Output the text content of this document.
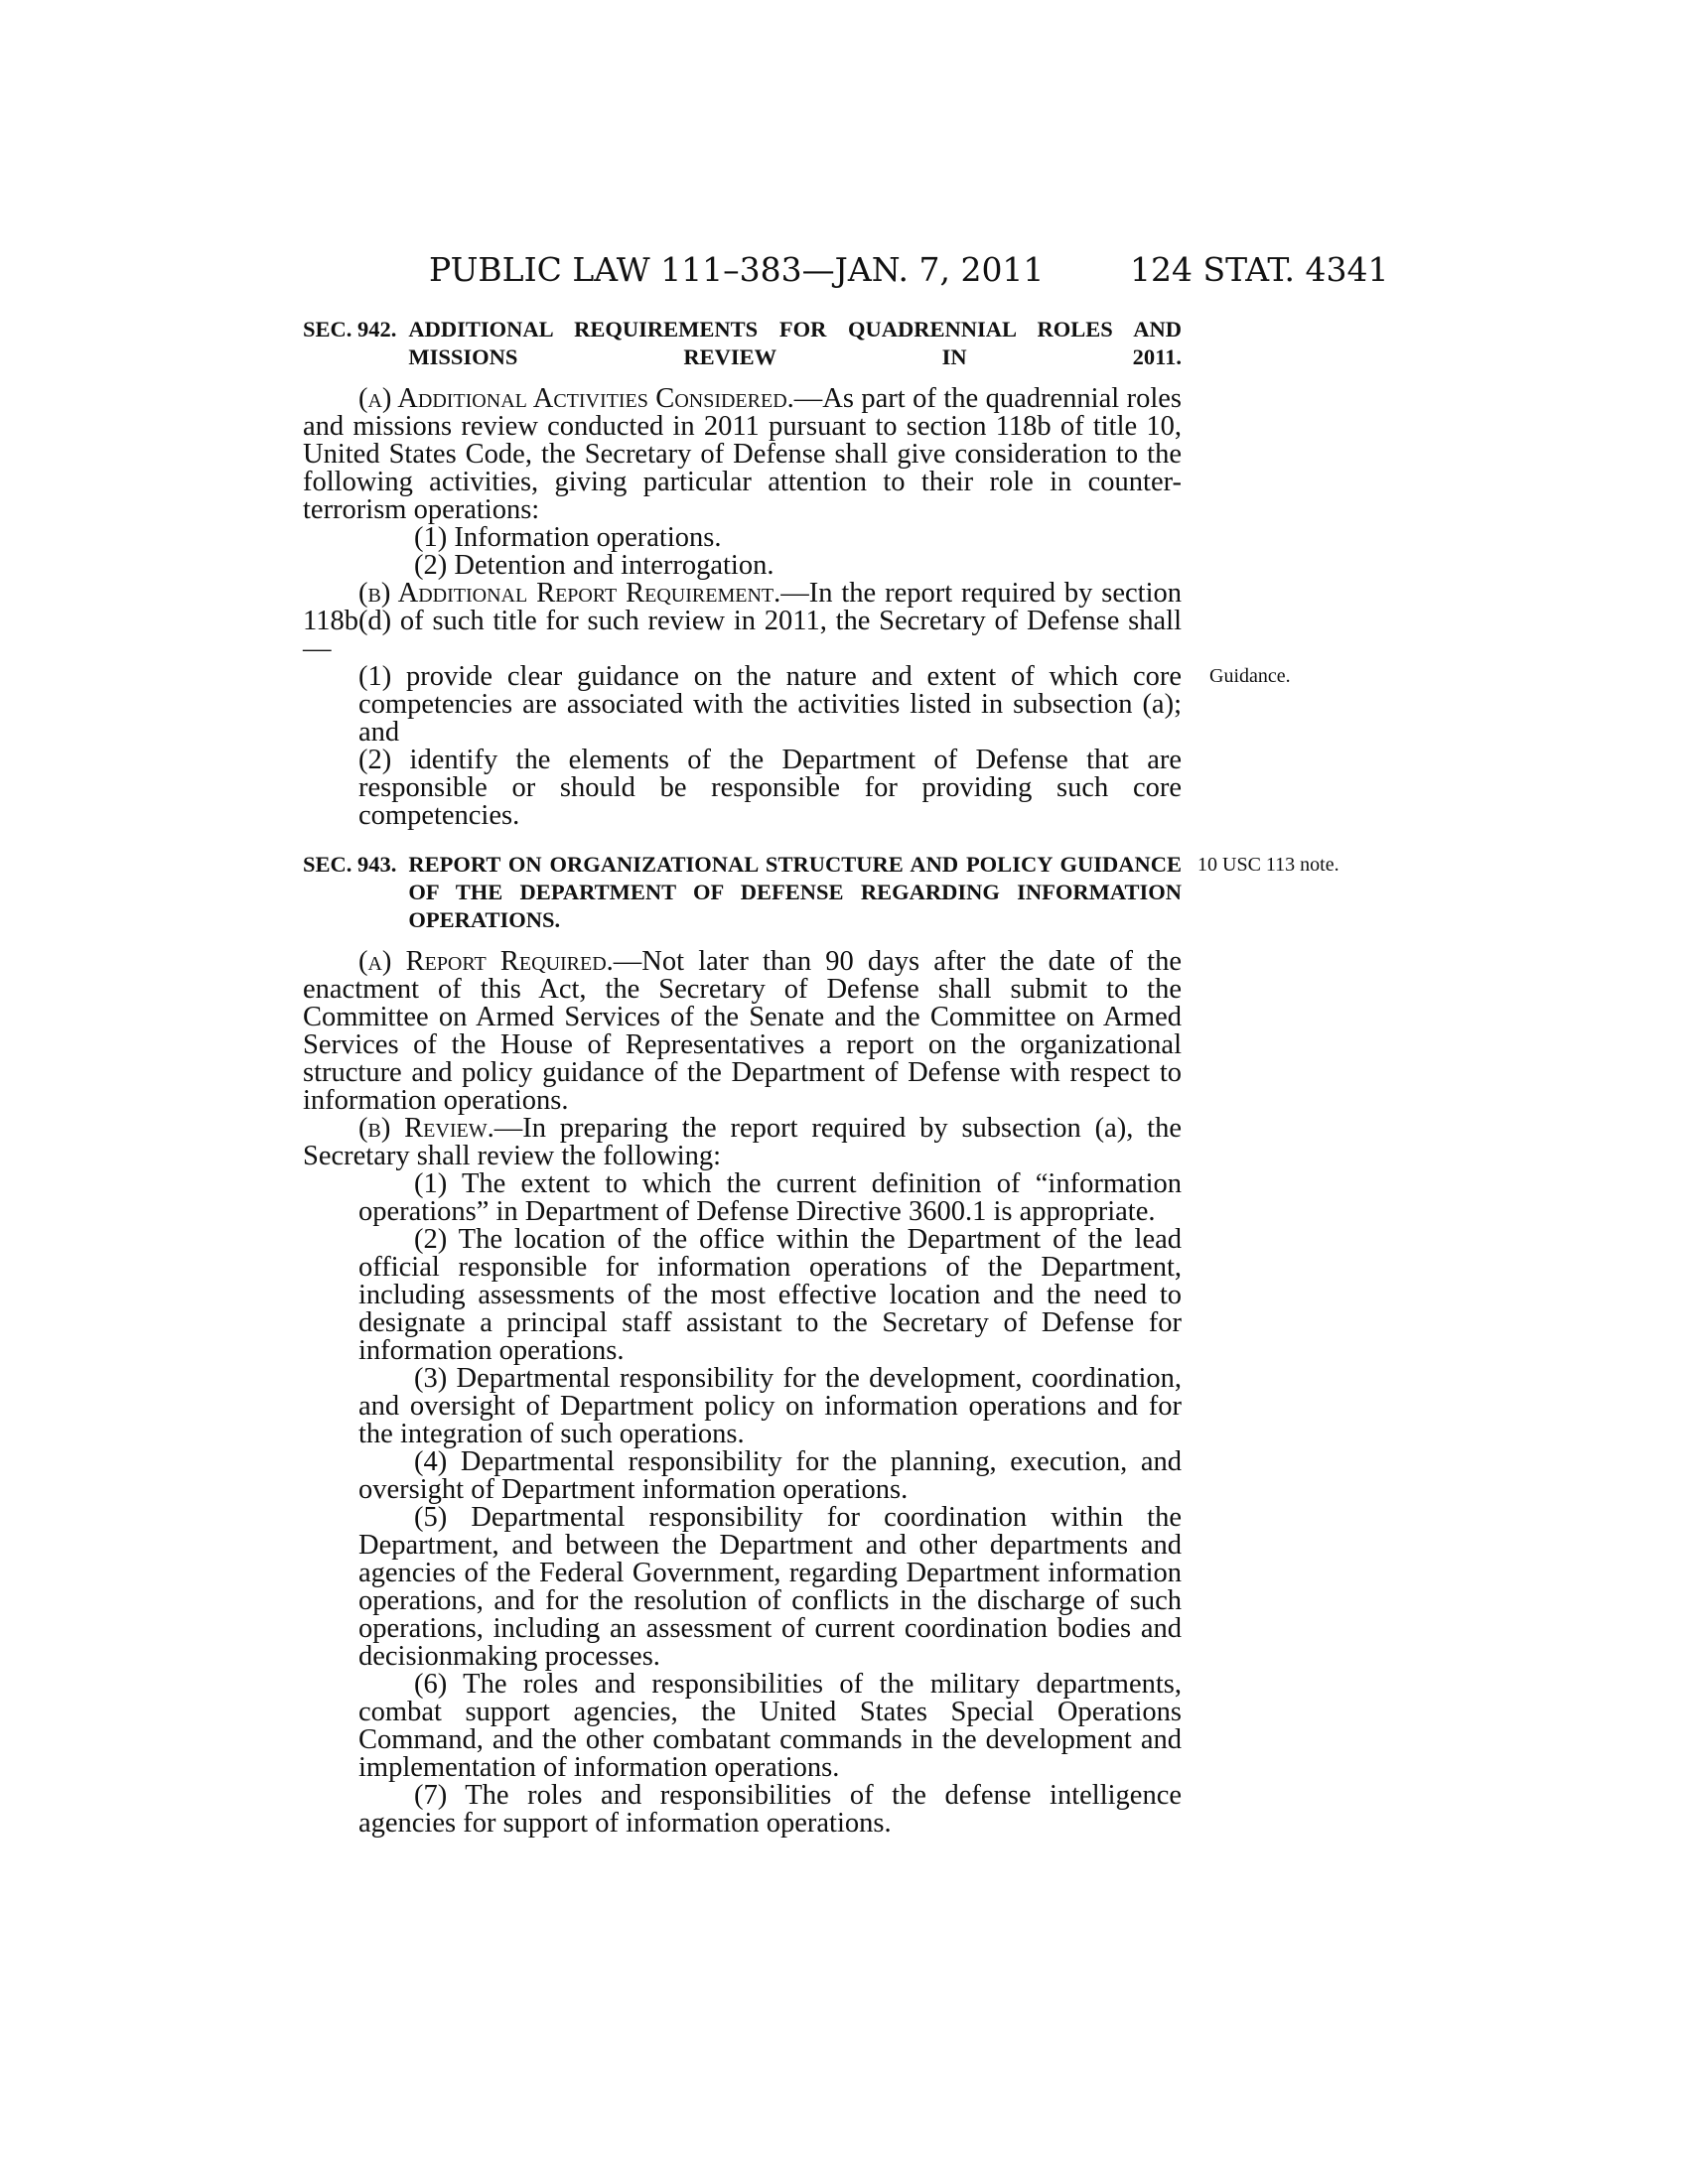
PUBLIC LAW 111–383—JAN. 7, 2011	124 STAT. 4341
SEC. 942. ADDITIONAL REQUIREMENTS FOR QUADRENNIAL ROLES AND MISSIONS REVIEW IN 2011.

(a) Additional Activities Considered.—As part of the quadrennial roles and missions review conducted in 2011 pursuant to section 118b of title 10, United States Code, the Secretary of Defense shall give consideration to the following activities, giving particular attention to their role in counter-terrorism operations:

(1) Information operations.

(2) Detention and interrogation.

(b) Additional Report Requirement.—In the report required by section 118b(d) of such title for such review in 2011, the Secretary of Defense shall—

(1) provide clear guidance on the nature and extent of which core competencies are associated with the activities listed in subsection (a); and

(2) identify the elements of the Department of Defense that are responsible or should be responsible for providing such core competencies.

SEC. 943. REPORT ON ORGANIZATIONAL STRUCTURE AND POLICY GUIDANCE OF THE DEPARTMENT OF DEFENSE REGARDING INFORMATION OPERATIONS.

(a) Report Required.—Not later than 90 days after the date of the enactment of this Act, the Secretary of Defense shall submit to the Committee on Armed Services of the Senate and the Committee on Armed Services of the House of Representatives a report on the organizational structure and policy guidance of the Department of Defense with respect to information operations.

(b) Review.—In preparing the report required by subsection (a), the Secretary shall review the following:

(1) The extent to which the current definition of “information operations” in Department of Defense Directive 3600.1 is appropriate.

(2) The location of the office within the Department of the lead official responsible for information operations of the Department, including assessments of the most effective location and the need to designate a principal staff assistant to the Secretary of Defense for information operations.

(3) Departmental responsibility for the development, coordination, and oversight of Department policy on information operations and for the integration of such operations.

(4) Departmental responsibility for the planning, execution, and oversight of Department information operations.

(5) Departmental responsibility for coordination within the Department, and between the Department and other departments and agencies of the Federal Government, regarding Department information operations, and for the resolution of conflicts in the discharge of such operations, including an assessment of current coordination bodies and decisionmaking processes.

(6) The roles and responsibilities of the military departments, combat support agencies, the United States Special Operations Command, and the other combatant commands in the development and implementation of information operations.

(7) The roles and responsibilities of the defense intelligence agencies for support of information operations.

Guidance.
10 USC 113 note.
